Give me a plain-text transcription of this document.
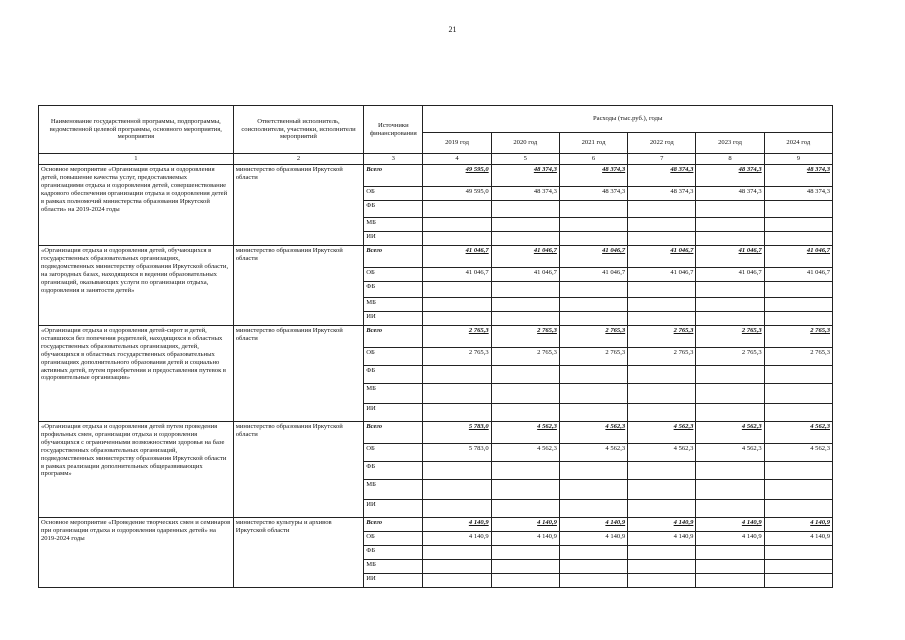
21
Наименование государственной программы, подпрограммы, ведомственной целевой программы, основного мероприятия, мероприятия	Ответственный исполнитель, соисполнители, участники, исполнители мероприятий	Источники финансирования	Расходы (тыс.руб.), годы					
			2019 год	2020 год	2021 год	2022 год	2023 год	2024 год
1	2	3	4	5	6	7	8	9
Основное мероприятие «Организация отдыха и оздоровления детей, повышение качества услуг, предоставляемых организациями отдыха и оздоровления детей, совершенствование кадрового обеспечения организации отдыха и оздоровления детей в рамках полномочий министерства образования Иркутской области» на 2019-2024 годы	министерство образования Иркутской области	Всего	49 595,0	48 374,3	48 374,3	48 374,3	48 374,3	48 374,3
		ОБ	49 595,0	48 374,3	48 374,3	48 374,3	48 374,3	48 374,3
		ФБ						
		МБ						
		ИИ						
«Организация отдыха и оздоровления детей, обучающихся в государственных образовательных организациях, подведомственных министерству образования Иркутской области, на загородных базах, находящихся в ведении образовательных организаций, оказывающих услуги по организации отдыха, оздоровления и занятости детей»	министерство образования Иркутской области	Всего	41 046,7	41 046,7	41 046,7	41 046,7	41 046,7	41 046,7
		ОБ	41 046,7	41 046,7	41 046,7	41 046,7	41 046,7	41 046,7
		ФБ						
		МБ						
		ИИ						
«Организация отдыха и оздоровления детей-сирот и детей, оставшихся без попечения родителей, находящихся в областных государственных образовательных организациях, детей, обучающихся в областных государственных образовательных организациях дополнительного образования детей и социально активных детей, путем приобретения и предоставления путевок в оздоровительные организации»	министерство образования Иркутской области	Всего	2 765,3	2 765,3	2 765,3	2 765,3	2 765,3	2 765,3
		ОБ	2 765,3	2 765,3	2 765,3	2 765,3	2 765,3	2 765,3
		ФБ						
		МБ						
		ИИ						
«Организация отдыха и оздоровления детей путем проведения профильных смен, организации отдыха и оздоровления обучающихся с ограниченными возможностями здоровья на базе государственных образовательных организаций, подведомственных министерству образования Иркутской области в рамках реализации дополнительных общеразвивающих программ»	министерство образования Иркутской области	Всего	5 783,0	4 562,3	4 562,3	4 562,3	4 562,3	4 562,3
		ОБ	5 783,0	4 562,3	4 562,3	4 562,3	4 562,3	4 562,3
		ФБ						
		МБ						
		ИИ						
Основное мероприятие «Проведение творческих смен и семинаров при организации отдыха и оздоровления одаренных детей» на 2019-2024 годы	министерство культуры и архивов Иркутской области	Всего	4 140,9	4 140,9	4 140,9	4 140,9	4 140,9	4 140,9
		ОБ	4 140,9	4 140,9	4 140,9	4 140,9	4 140,9	4 140,9
		ФБ						
		МБ						
		ИИ						
